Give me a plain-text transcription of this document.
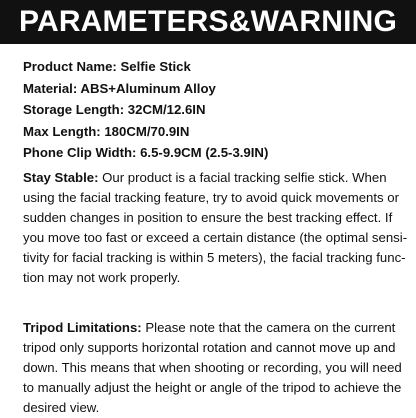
PARAMETERS&WARNING
Product Name: Selfie Stick
Material: ABS+Aluminum Alloy
Storage Length: 32CM/12.6IN
Max Length: 180CM/70.9IN
Phone Clip Width: 6.5-9.9CM (2.5-3.9IN)
Stay Stable: Our product is a facial tracking selfie stick. When
using the facial tracking feature, try to avoid quick movements or
sudden changes in position to ensure the best tracking effect. If
you move too fast or exceed a certain distance (the optimal sensi-
tivity for facial tracking is within 5 meters), the facial tracking func-
tion may not work properly.
Tripod Limitations: Please note that the camera on the current
tripod only supports horizontal rotation and cannot move up and
down. This means that when shooting or recording, you will need
to manually adjust the height or angle of the tripod to achieve the
desired view.
